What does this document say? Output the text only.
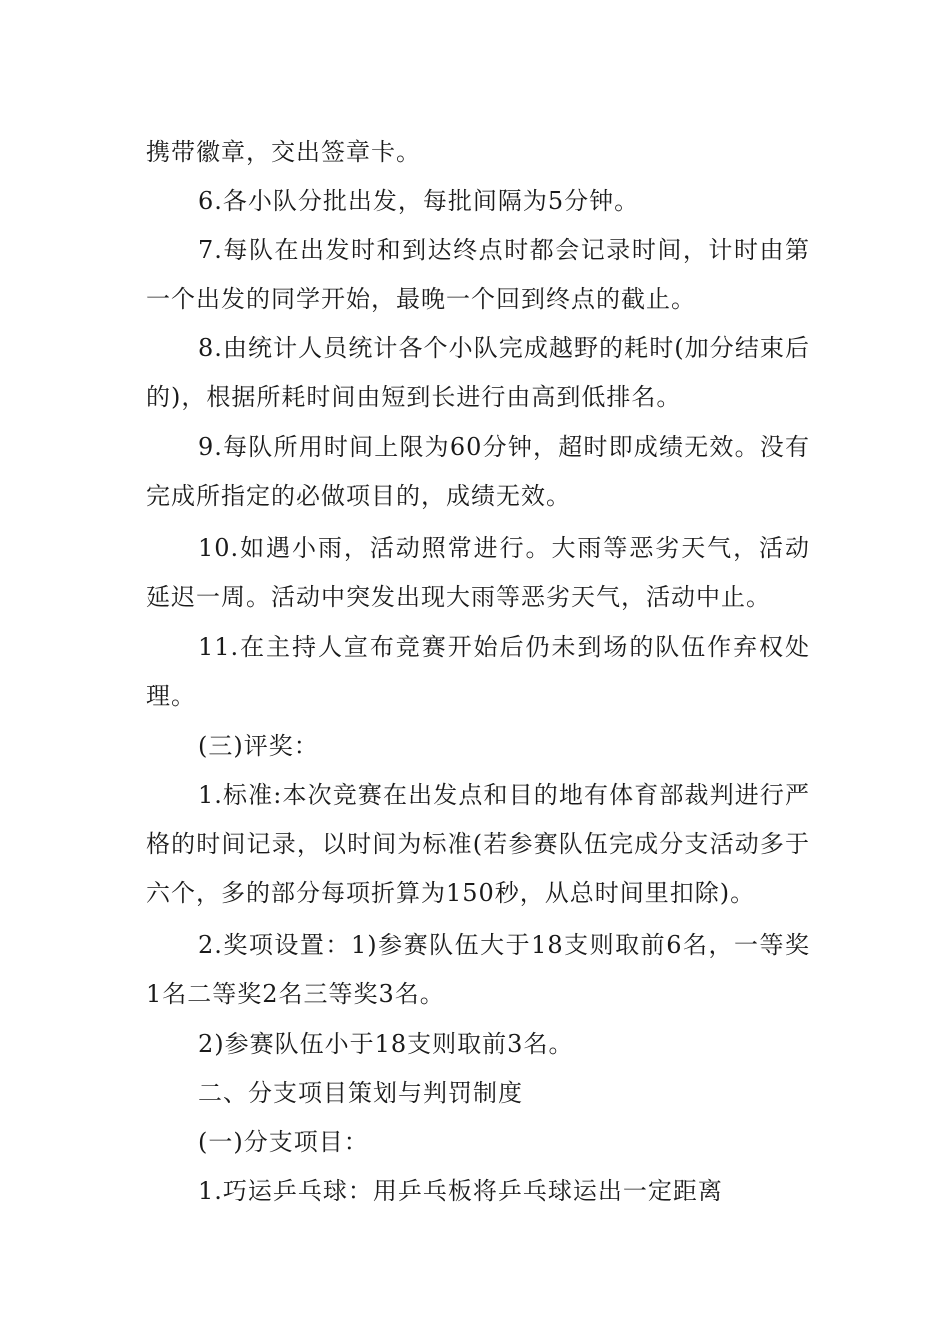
携带徽章，交出签章卡。

6.各小队分批出发，每批间隔为5分钟。

7.每队在出发时和到达终点时都会记录时间，计时由第一个出发的同学开始，最晚一个回到终点的截止。

8.由统计人员统计各个小队完成越野的耗时(加分结束后的)，根据所耗时间由短到长进行由高到低排名。

9.每队所用时间上限为60分钟，超时即成绩无效。没有完成所指定的必做项目的，成绩无效。

10.如遇小雨，活动照常进行。大雨等恶劣天气，活动延迟一周。活动中突发出现大雨等恶劣天气，活动中止。

11.在主持人宣布竞赛开始后仍未到场的队伍作弃权处理。

(三)评奖：

1.标准:本次竞赛在出发点和目的地有体育部裁判进行严格的时间记录，以时间为标准(若参赛队伍完成分支活动多于六个，多的部分每项折算为150秒，从总时间里扣除)。

2.奖项设置：1)参赛队伍大于18支则取前6名，一等奖1名二等奖2名三等奖3名。

2)参赛队伍小于18支则取前3名。

二、分支项目策划与判罚制度

(一)分支项目：

1.巧运乒乓球：用乒乓板将乒乓球运出一定距离
